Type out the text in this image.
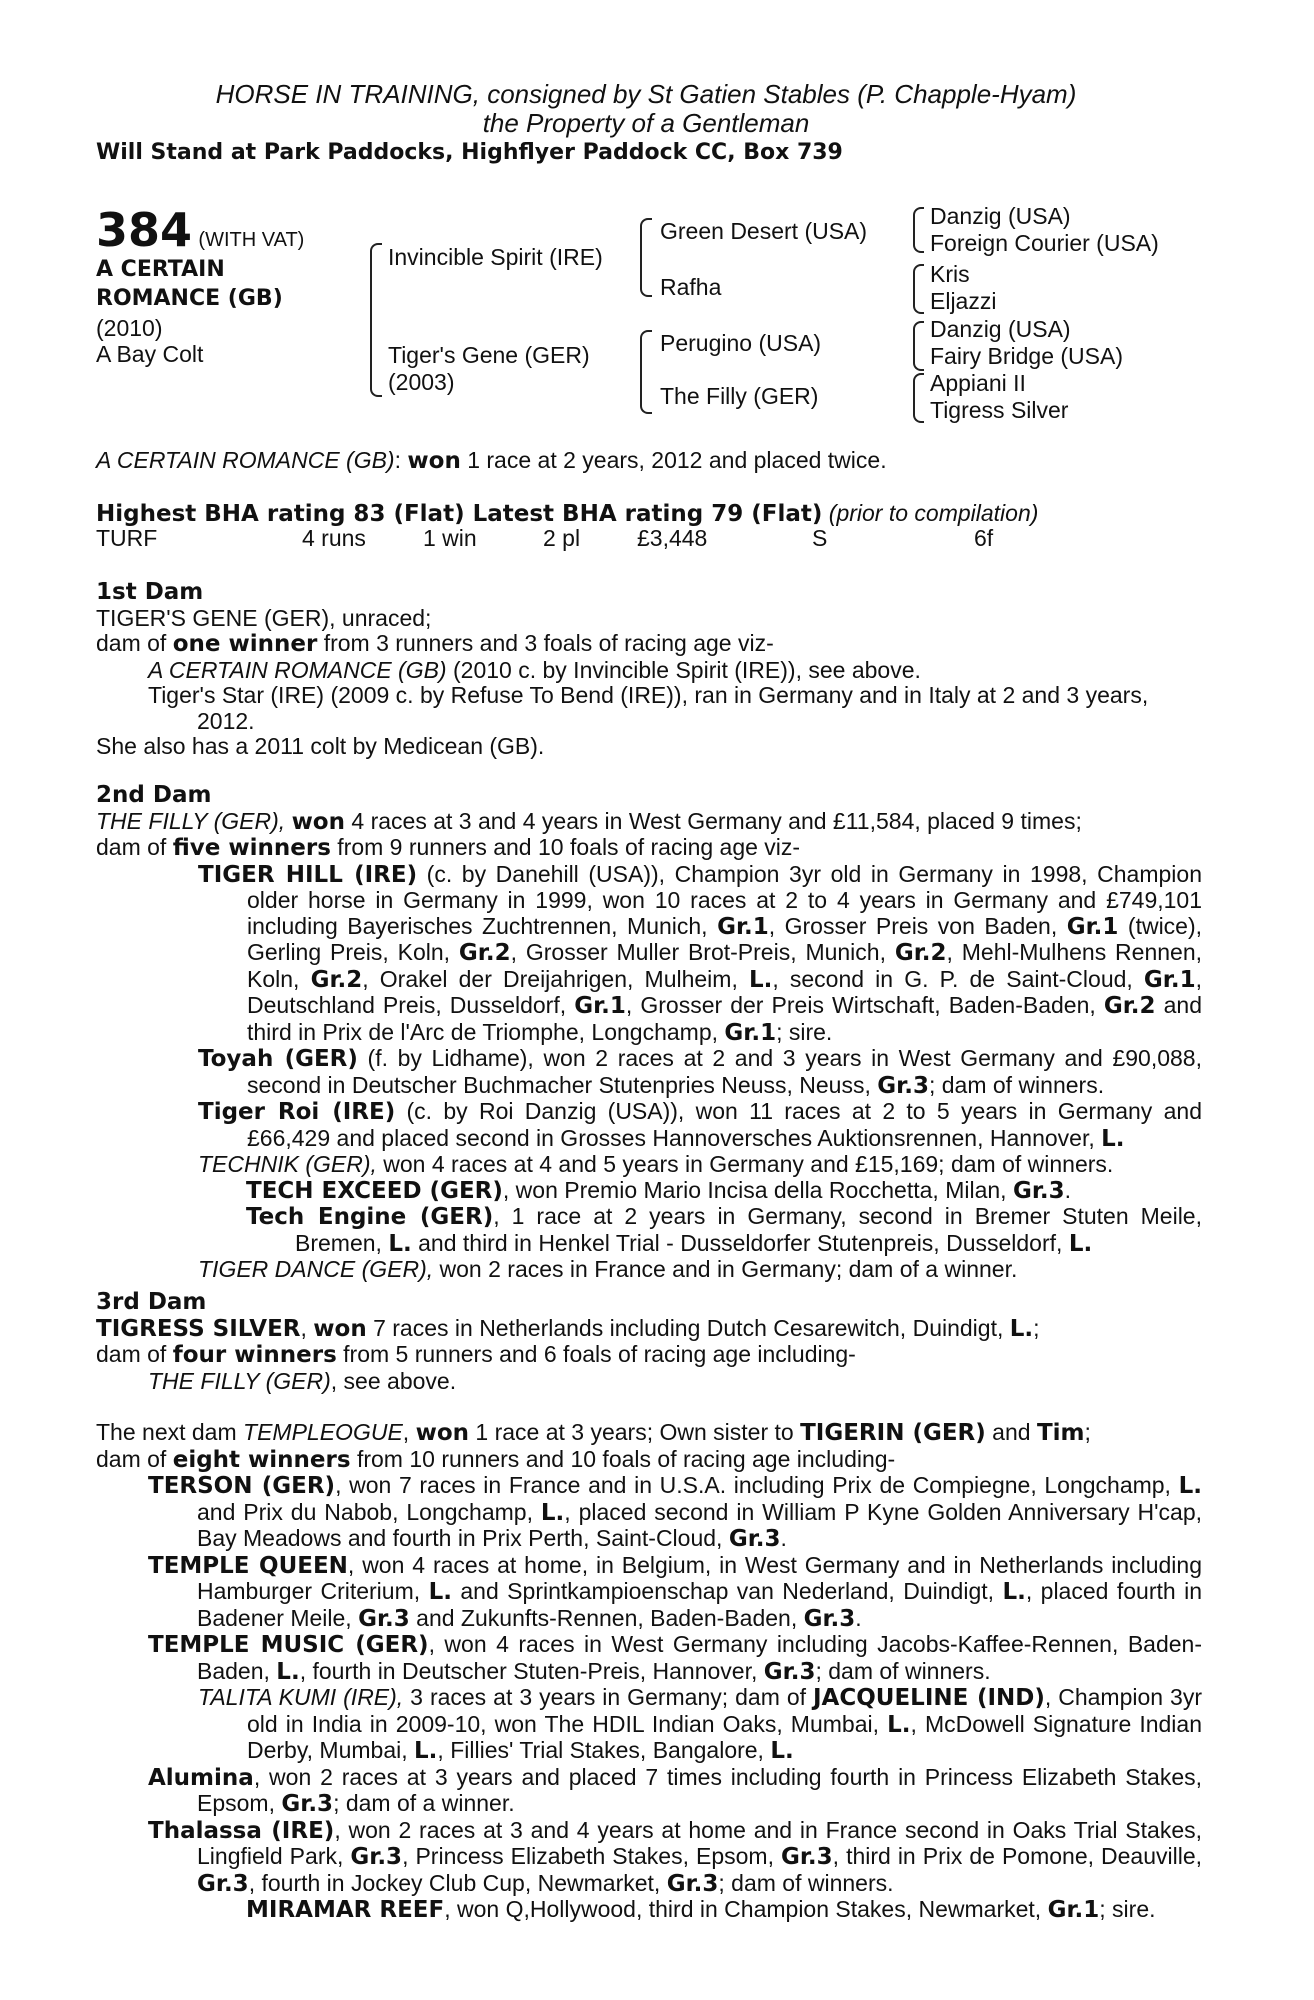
HORSE IN TRAINING, consigned by St Gatien Stables (P. Chapple-Hyam)
the Property of a Gentleman
Will Stand at Park Paddocks, Highflyer Paddock CC, Box 739
384 (WITH VAT)
A CERTAIN
ROMANCE (GB)
(2010)
A Bay Colt
Invincible Spirit (IRE)
Tiger's Gene (GER)
(2003)
Green Desert (USA)
Rafha
Perugino (USA)
The Filly (GER)
Danzig (USA)
Foreign Courier (USA)
Kris
Eljazzi
Danzig (USA)
Fairy Bridge (USA)
Appiani II
Tigress Silver
A CERTAIN ROMANCE (GB): won 1 race at 2 years, 2012 and placed twice.
Highest BHA rating 83 (Flat) Latest BHA rating 79 (Flat) (prior to compilation)
TURF	4 runs 1 win	2 pl £3,448	S	6f

1st Dam

TIGER'S GENE (GER), unraced;

dam of one winner from 3 runners and 3 foals of racing age viz-

A CERTAIN ROMANCE (GB) (2010 c. by Invincible Spirit (IRE)), see above.

Tiger's Star (IRE) (2009 c. by Refuse To Bend (IRE)), ran in Germany and in Italy at 2 and 3 years, 2012.

She also has a 2011 colt by Medicean (GB).

2nd Dam

THE FILLY (GER), won 4 races at 3 and 4 years in West Germany and £11,584, placed 9 times;

dam of five winners from 9 runners and 10 foals of racing age viz-

TIGER HILL (IRE) (c. by Danehill (USA)), Champion 3yr old in Germany in 1998, Champion older horse in Germany in 1999, won 10 races at 2 to 4 years in Germany and £749,101 including Bayerisches Zuchtrennen, Munich, Gr.1, Grosser Preis von Baden, Gr.1 (twice), Gerling Preis, Koln, Gr.2, Grosser Muller Brot-Preis, Munich, Gr.2, Mehl-Mulhens Rennen, Koln, Gr.2, Orakel der Dreijahrigen, Mulheim, L., second in G. P. de Saint-Cloud, Gr.1, Deutschland Preis, Dusseldorf, Gr.1, Grosser der Preis Wirtschaft, Baden-Baden, Gr.2 and third in Prix de l'Arc de Triomphe, Longchamp, Gr.1; sire.

Toyah (GER) (f. by Lidhame), won 2 races at 2 and 3 years in West Germany and £90,088, second in Deutscher Buchmacher Stutenpries Neuss, Neuss, Gr.3; dam of winners.

Tiger Roi (IRE) (c. by Roi Danzig (USA)), won 11 races at 2 to 5 years in Germany and £66,429 and placed second in Grosses Hannoversches Auktionsrennen, Hannover, L.

TECHNIK (GER), won 4 races at 4 and 5 years in Germany and £15,169; dam of winners.

TECH EXCEED (GER), won Premio Mario Incisa della Rocchetta, Milan, Gr.3.

Tech Engine (GER), 1 race at 2 years in Germany, second in Bremer Stuten Meile, Bremen, L. and third in Henkel Trial - Dusseldorfer Stutenpreis, Dusseldorf, L.

TIGER DANCE (GER), won 2 races in France and in Germany; dam of a winner.

3rd Dam

TIGRESS SILVER, won 7 races in Netherlands including Dutch Cesarewitch, Duindigt, L.;

dam of four winners from 5 runners and 6 foals of racing age including-

THE FILLY (GER), see above.

The next dam TEMPLEOGUE, won 1 race at 3 years; Own sister to TIGERIN (GER) and Tim;

dam of eight winners from 10 runners and 10 foals of racing age including-

TERSON (GER), won 7 races in France and in U.S.A. including Prix de Compiegne, Longchamp, L. and Prix du Nabob, Longchamp, L., placed second in William P Kyne Golden Anniversary H'cap, Bay Meadows and fourth in Prix Perth, Saint-Cloud, Gr.3.

TEMPLE QUEEN, won 4 races at home, in Belgium, in West Germany and in Netherlands including Hamburger Criterium, L. and Sprintkampioenschap van Nederland, Duindigt, L., placed fourth in Badener Meile, Gr.3 and Zukunfts-Rennen, Baden-Baden, Gr.3.

TEMPLE MUSIC (GER), won 4 races in West Germany including Jacobs-Kaffee-Rennen, Baden-Baden, L., fourth in Deutscher Stuten-Preis, Hannover, Gr.3; dam of winners.

TALITA KUMI (IRE), 3 races at 3 years in Germany; dam of JACQUELINE (IND), Champion 3yr old in India in 2009-10, won The HDIL Indian Oaks, Mumbai, L., McDowell Signature Indian Derby, Mumbai, L., Fillies' Trial Stakes, Bangalore, L.

Alumina, won 2 races at 3 years and placed 7 times including fourth in Princess Elizabeth Stakes, Epsom, Gr.3; dam of a winner.

Thalassa (IRE), won 2 races at 3 and 4 years at home and in France second in Oaks Trial Stakes, Lingfield Park, Gr.3, Princess Elizabeth Stakes, Epsom, Gr.3, third in Prix de Pomone, Deauville, Gr.3, fourth in Jockey Club Cup, Newmarket, Gr.3; dam of winners.

MIRAMAR REEF, won Q,Hollywood, third in Champion Stakes, Newmarket, Gr.1; sire.
